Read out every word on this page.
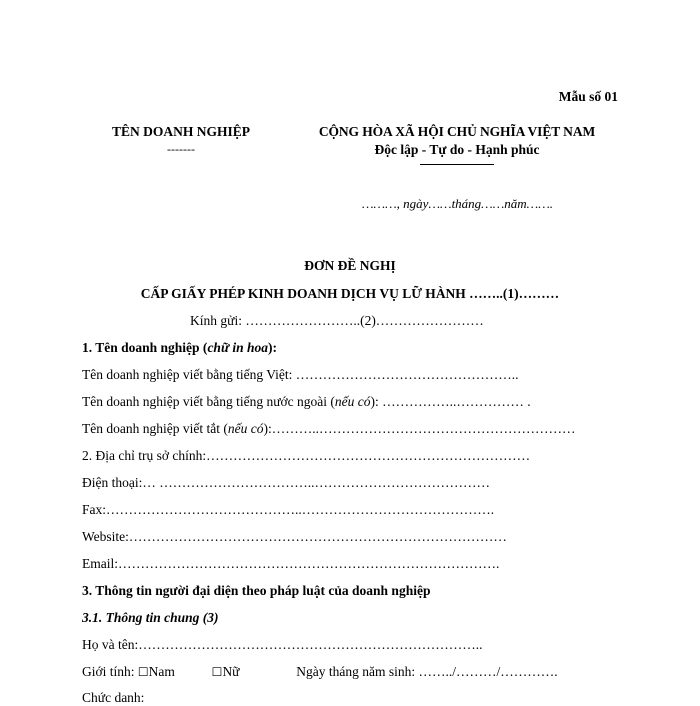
Mẫu số 01
TÊN DOANH NGHIỆP
-------
CỘNG HÒA XÃ HỘI CHỦ NGHĨA VIỆT NAM
Độc lập - Tự do - Hạnh phúc
………, ngày……tháng……năm…….
ĐƠN ĐỀ NGHỊ
CẤP GIẤY PHÉP KINH DOANH DỊCH VỤ LỮ HÀNH ……..(1)………
Kính gửi: ……………………..(2)……………………
1. Tên doanh nghiệp (chữ in hoa):
Tên doanh nghiệp viết bằng tiếng Việt: …………………………………………..
Tên doanh nghiệp viết bằng tiếng nước ngoài (nếu có): ……………..…………… .
Tên doanh nghiệp viết tắt (nếu có):………..…………………………………………………
2. Địa chỉ trụ sở chính:………………………………………………………………
Điện thoại:… ……………………………..…………………………………
Fax:……………………………………..…………………………………….
Website:…………………………………………………………………………
Email:………………………………………………………………………….
3. Thông tin người đại diện theo pháp luật của doanh nghiệp
3.1. Thông tin chung (3)
Họ và tên:…………………………………………………………………..
Giới tính: ☐Nam	☐Nữ	Ngày tháng năm sinh: ……../………/………….
Chức danh:
